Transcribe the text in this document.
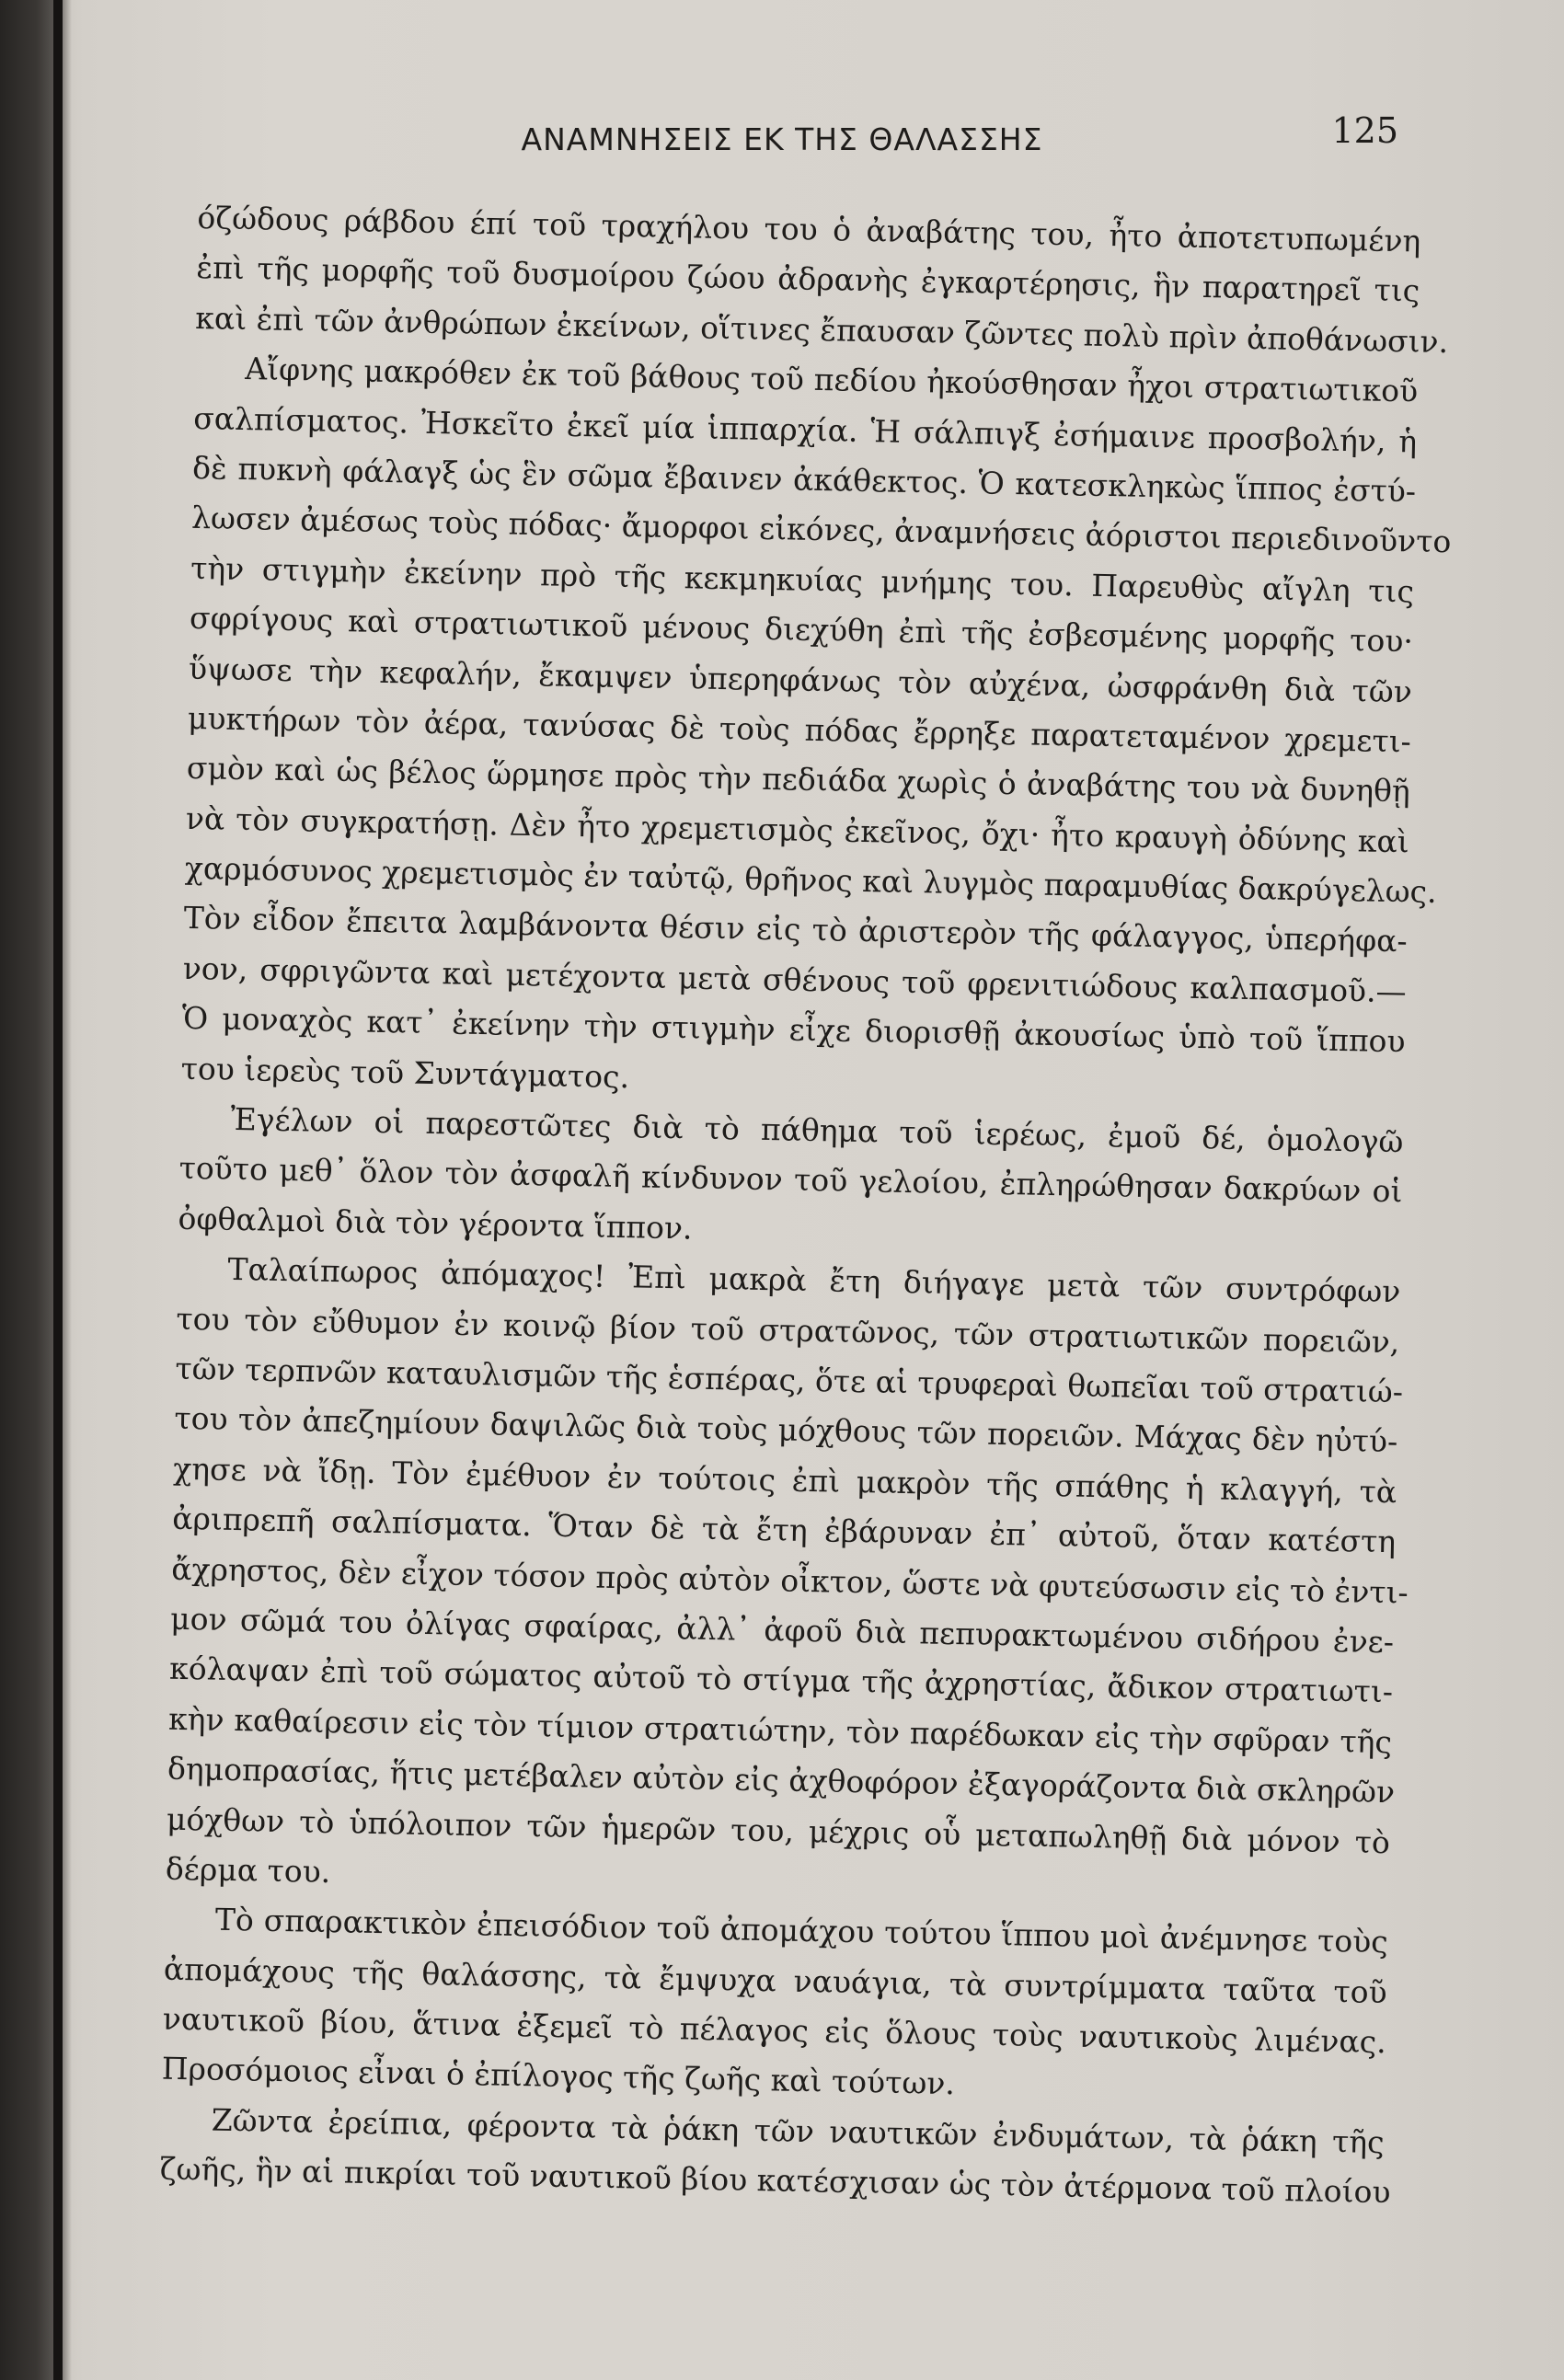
ΑΝΑΜΝΗΣΕΙΣ ΕΚ ΤΗΣ ΘΑΛΑΣΣΗΣ	125
όζώδους ράβδου έπί τοῦ τραχήλου του ὁ ἀναβάτης του, ἦτο ἀποτετυπωμένη
ἐπὶ τῆς μορφῆς τοῦ δυσμοίρου ζώου ἀδρανὴς ἐγκαρτέρησις, ἣν παρατηρεῖ τις
καὶ ἐπὶ τῶν ἀνθρώπων ἐκείνων, οἵτινες ἔπαυσαν ζῶντες πολὺ πρὶν ἀποθάνωσιν.
Αἴφνης μακρόθεν ἐκ τοῦ βάθους τοῦ πεδίου ἠκούσθησαν ἦχοι στρατιωτικοῦ
σαλπίσματος. Ἠσκεῖτο ἐκεῖ μία ἱππαρχία. Ἡ σάλπιγξ ἐσήμαινε προσβολήν, ἡ
δὲ πυκνὴ φάλαγξ ὡς ἓν σῶμα ἔβαινεν ἀκάθεκτος. Ὁ κατεσκληκὼς ἵππος ἐστύ-
λωσεν ἀμέσως τοὺς πόδας· ἄμορφοι εἰκόνες, ἀναμνήσεις ἀόριστοι περιεδινοῦντο
τὴν στιγμὴν ἐκείνην πρὸ τῆς κεκμηκυίας μνήμης του. Παρευθὺς αἴγλη τις
σφρίγους καὶ στρατιωτικοῦ μένους διεχύθη ἐπὶ τῆς ἐσβεσμένης μορφῆς του·
ὕψωσε τὴν κεφαλήν, ἔκαμψεν ὑπερηφάνως τὸν αὐχένα, ὠσφράνθη διὰ τῶν
μυκτήρων τὸν ἀέρα, τανύσας δὲ τοὺς πόδας ἔρρηξε παρατεταμένον χρεμετι-
σμὸν καὶ ὡς βέλος ὥρμησε πρὸς τὴν πεδιάδα χωρὶς ὁ ἀναβάτης του νὰ δυνηθῇ
νὰ τὸν συγκρατήσῃ. Δὲν ἦτο χρεμετισμὸς ἐκεῖνος, ὄχι· ἦτο κραυγὴ ὀδύνης καὶ
χαρμόσυνος χρεμετισμὸς ἐν ταὐτῷ, θρῆνος καὶ λυγμὸς παραμυθίας δακρύγελως.
Τὸν εἶδον ἔπειτα λαμβάνοντα θέσιν εἰς τὸ ἀριστερὸν τῆς φάλαγγος, ὑπερήφα-
νον, σφριγῶντα καὶ μετέχοντα μετὰ σθένους τοῦ φρενιτιώδους καλπασμοῦ.—
Ὁ μοναχὸς κατ᾽ ἐκείνην τὴν στιγμὴν εἶχε διορισθῇ ἀκουσίως ὑπὸ τοῦ ἵππου
του ἱερεὺς τοῦ Συντάγματος.
Ἐγέλων οἱ παρεστῶτες διὰ τὸ πάθημα τοῦ ἱερέως, ἐμοῦ δέ, ὁμολογῶ
τοῦτο μεθ᾽ ὅλον τὸν ἀσφαλῆ κίνδυνον τοῦ γελοίου, ἐπληρώθησαν δακρύων οἱ
ὀφθαλμοὶ διὰ τὸν γέροντα ἵππον.
Ταλαίπωρος ἀπόμαχος! Ἐπὶ μακρὰ ἔτη διήγαγε μετὰ τῶν συντρόφων
του τὸν εὔθυμον ἐν κοινῷ βίον τοῦ στρατῶνος, τῶν στρατιωτικῶν πορειῶν,
τῶν τερπνῶν καταυλισμῶν τῆς ἑσπέρας, ὅτε αἱ τρυφεραὶ θωπεῖαι τοῦ στρατιώ-
του τὸν ἀπεζημίουν δαψιλῶς διὰ τοὺς μόχθους τῶν πορειῶν. Μάχας δὲν ηὐτύ-
χησε νὰ ἴδῃ. Τὸν ἐμέθυον ἐν τούτοις ἐπὶ μακρὸν τῆς σπάθης ἡ κλαγγή, τὰ
ἀριπρεπῆ σαλπίσματα. Ὅταν δὲ τὰ ἔτη ἐβάρυναν ἐπ᾽ αὐτοῦ, ὅταν κατέστη
ἄχρηστος, δὲν εἶχον τόσον πρὸς αὐτὸν οἶκτον, ὥστε νὰ φυτεύσωσιν εἰς τὸ ἐντι-
μον σῶμά του ὀλίγας σφαίρας, ἀλλ᾽ ἀφοῦ διὰ πεπυρακτωμένου σιδήρου ἐνε-
κόλαψαν ἐπὶ τοῦ σώματος αὐτοῦ τὸ στίγμα τῆς ἀχρηστίας, ἄδικον στρατιωτι-
κὴν καθαίρεσιν εἰς τὸν τίμιον στρατιώτην, τὸν παρέδωκαν εἰς τὴν σφῦραν τῆς
δημοπρασίας, ἥτις μετέβαλεν αὐτὸν εἰς ἀχθοφόρον ἐξαγοράζοντα διὰ σκληρῶν
μόχθων τὸ ὑπόλοιπον τῶν ἡμερῶν του, μέχρις οὗ μεταπωληθῇ διὰ μόνον τὸ
δέρμα του.
Τὸ σπαρακτικὸν ἐπεισόδιον τοῦ ἀπομάχου τούτου ἵππου μοὶ ἀνέμνησε τοὺς
ἀπομάχους τῆς θαλάσσης, τὰ ἔμψυχα ναυάγια, τὰ συντρίμματα ταῦτα τοῦ
ναυτικοῦ βίου, ἅτινα ἐξεμεῖ τὸ πέλαγος εἰς ὅλους τοὺς ναυτικοὺς λιμένας.
Προσόμοιος εἶναι ὁ ἐπίλογος τῆς ζωῆς καὶ τούτων.
Ζῶντα ἐρείπια, φέροντα τὰ ῥάκη τῶν ναυτικῶν ἐνδυμάτων, τὰ ῥάκη τῆς
ζωῆς, ἣν αἱ πικρίαι τοῦ ναυτικοῦ βίου κατέσχισαν ὡς τὸν ἀτέρμονα τοῦ πλοίου
